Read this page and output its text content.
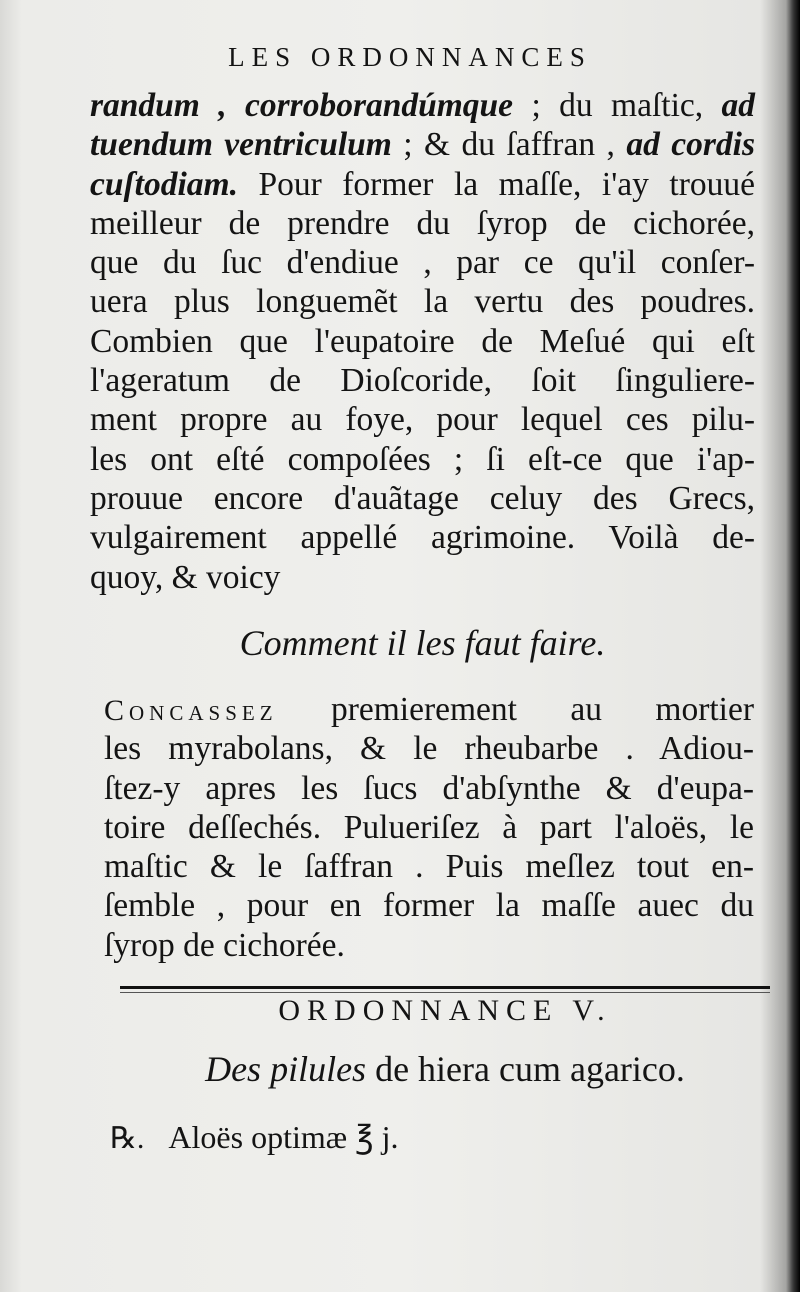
LES ORDONNANCES
randum , corroborandúmque ; du maſtic, ad
tuendum ventriculum ; & du ſaffran , ad cordis
cuſtodiam. Pour former la maſſe, i'ay trouué
meilleur de prendre du ſyrop de cichorée,
que du ſuc d'endiue , par ce qu'il conſer-
uera plus longuemẽt la vertu des poudres.
Combien que l'eupatoire de Meſué qui eſt
l'ageratum de Dioſcoride, ſoit ſinguliere-
ment propre au foye, pour lequel ces pilu-
les ont eſté compoſées ; ſi eſt-ce que i'ap-
prouue encore d'auãtage celuy des Grecs,
vulgairement appellé agrimoine. Voilà de-
quoy, & voicy
Comment il les faut faire.
Concassez premierement au mortier
les myrabolans, & le rheubarbe . Adiou-
ſtez-y apres les ſucs d'abſynthe & d'eupa-
toire deſſechés. Pulueriſez à part l'aloës, le
maſtic & le ſaffran . Puis meſlez tout en-
ſemble , pour en former la maſſe auec du
ſyrop de cichorée.
ORDONNANCE V.
Des pilules de hiera cum agarico.
℞. Aloës optimæ ℥ j.
